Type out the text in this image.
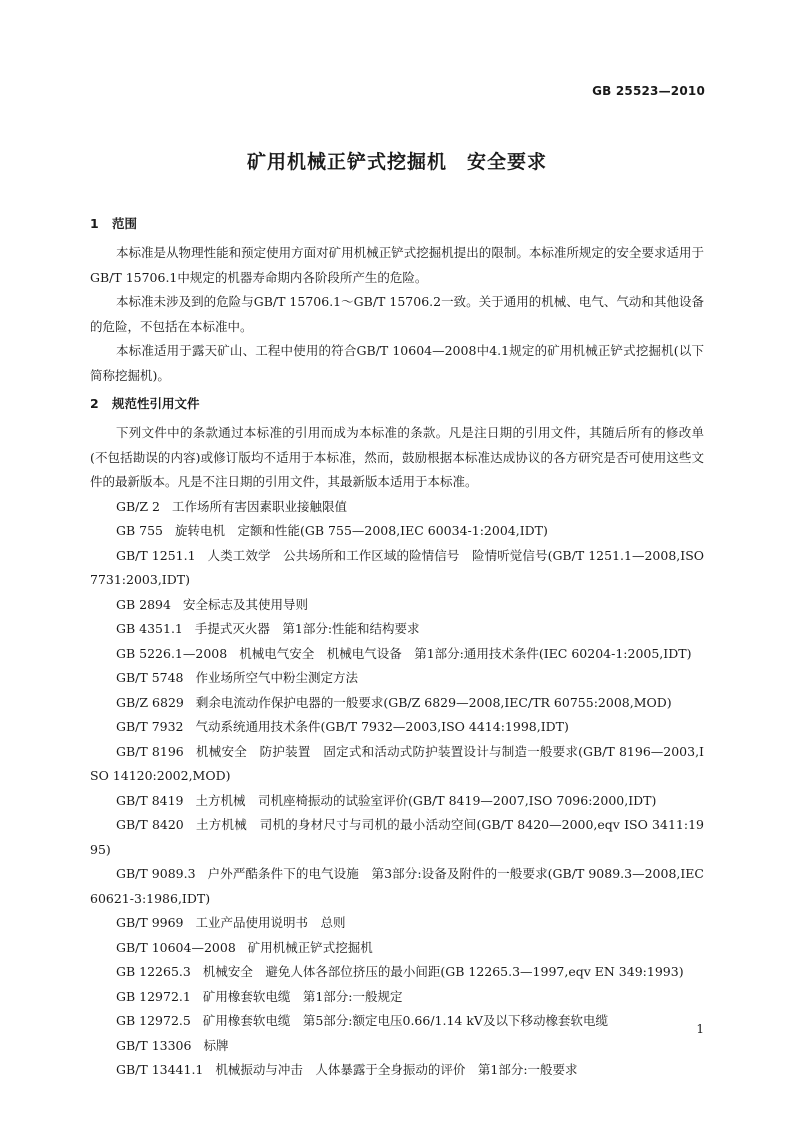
GB 25523—2010
矿用机械正铲式挖掘机　安全要求
1 范围

本标准是从物理性能和预定使用方面对矿用机械正铲式挖掘机提出的限制。本标准所规定的安全要求适用于GB/T 15706.1中规定的机器寿命期内各阶段所产生的危险。

本标准未涉及到的危险与GB/T 15706.1～GB/T 15706.2一致。关于通用的机械、电气、气动和其他设备的危险，不包括在本标准中。

本标准适用于露天矿山、工程中使用的符合GB/T 10604—2008中4.1规定的矿用机械正铲式挖掘机(以下简称挖掘机)。

2 规范性引用文件

下列文件中的条款通过本标准的引用而成为本标准的条款。凡是注日期的引用文件，其随后所有的修改单(不包括勘误的内容)或修订版均不适用于本标准，然而，鼓励根据本标准达成协议的各方研究是否可使用这些文件的最新版本。凡是不注日期的引用文件，其最新版本适用于本标准。

GB/Z 2 工作场所有害因素职业接触限值

GB 755 旋转电机　定额和性能(GB 755—2008,IEC 60034-1:2004,IDT)

GB/T 1251.1 人类工效学　公共场所和工作区域的险情信号　险情听觉信号(GB/T 1251.1—2008,ISO 7731:2003,IDT)

GB 2894 安全标志及其使用导则

GB 4351.1 手提式灭火器　第1部分:性能和结构要求

GB 5226.1—2008 机械电气安全　机械电气设备　第1部分:通用技术条件(IEC 60204-1:2005,IDT)

GB/T 5748 作业场所空气中粉尘测定方法

GB/Z 6829 剩余电流动作保护电器的一般要求(GB/Z 6829—2008,IEC/TR 60755:2008,MOD)

GB/T 7932 气动系统通用技术条件(GB/T 7932—2003,ISO 4414:1998,IDT)

GB/T 8196 机械安全　防护装置　固定式和活动式防护装置设计与制造一般要求(GB/T 8196—2003,ISO 14120:2002,MOD)

GB/T 8419 土方机械　司机座椅振动的试验室评价(GB/T 8419—2007,ISO 7096:2000,IDT)

GB/T 8420 土方机械　司机的身材尺寸与司机的最小活动空间(GB/T 8420—2000,eqv ISO 3411:1995)

GB/T 9089.3 户外严酷条件下的电气设施　第3部分:设备及附件的一般要求(GB/T 9089.3—2008,IEC 60621-3:1986,IDT)

GB/T 9969 工业产品使用说明书　总则

GB/T 10604—2008 矿用机械正铲式挖掘机

GB 12265.3 机械安全　避免人体各部位挤压的最小间距(GB 12265.3—1997,eqv EN 349:1993)

GB 12972.1 矿用橡套软电缆　第1部分:一般规定

GB 12972.5 矿用橡套软电缆　第5部分:额定电压0.66/1.14 kV及以下移动橡套软电缆

GB/T 13306 标牌

GB/T 13441.1 机械振动与冲击　人体暴露于全身振动的评价　第1部分:一般要求

1
